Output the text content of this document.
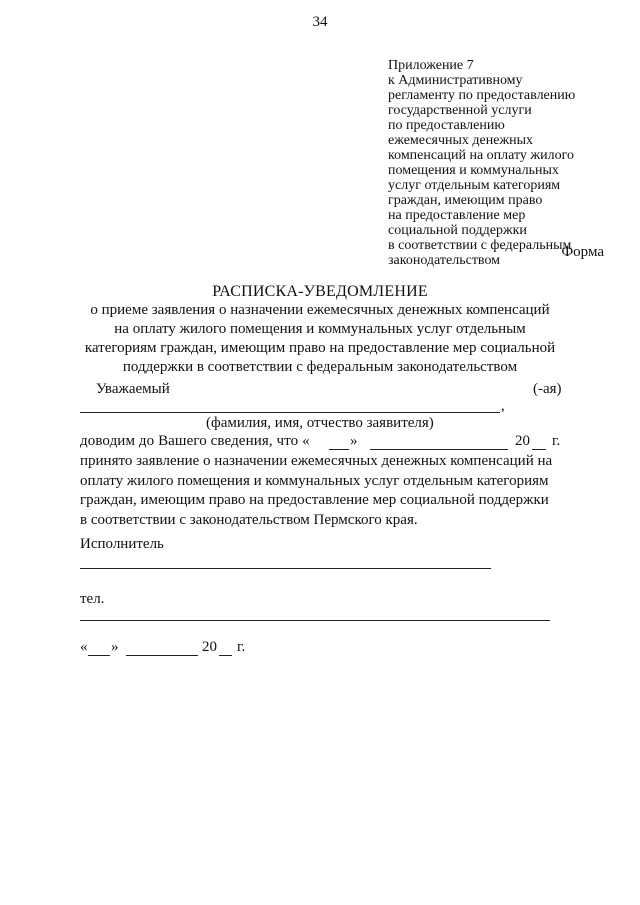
34
Приложение 7
к Административному
регламенту по предоставлению
государственной услуги
по предоставлению
ежемесячных денежных
компенсаций на оплату жилого
помещения и коммунальных
услуг отдельным категориям
граждан, имеющим право
на предоставление мер
социальной поддержки
в соответствии с федеральным
законодательством
Форма
РАСПИСКА-УВЕДОМЛЕНИЕ
о приеме заявления о назначении ежемесячных денежных компенсаций
на оплату жилого помещения и коммунальных услуг отдельным
категориям граждан, имеющим право на предоставление мер социальной
поддержки в соответствии с федеральным законодательством
Уважаемый	(-ая)
,
(фамилия, имя, отчество заявителя)
доводим до Вашего сведения, что «	»	20 г.
принято заявление о назначении ежемесячных денежных компенсаций на
оплату жилого помещения и коммунальных услуг отдельным категориям
граждан, имеющим право на предоставление мер социальной поддержки
в соответствии с законодательством Пермского края.
Исполнитель
тел.
« »	20 г.
